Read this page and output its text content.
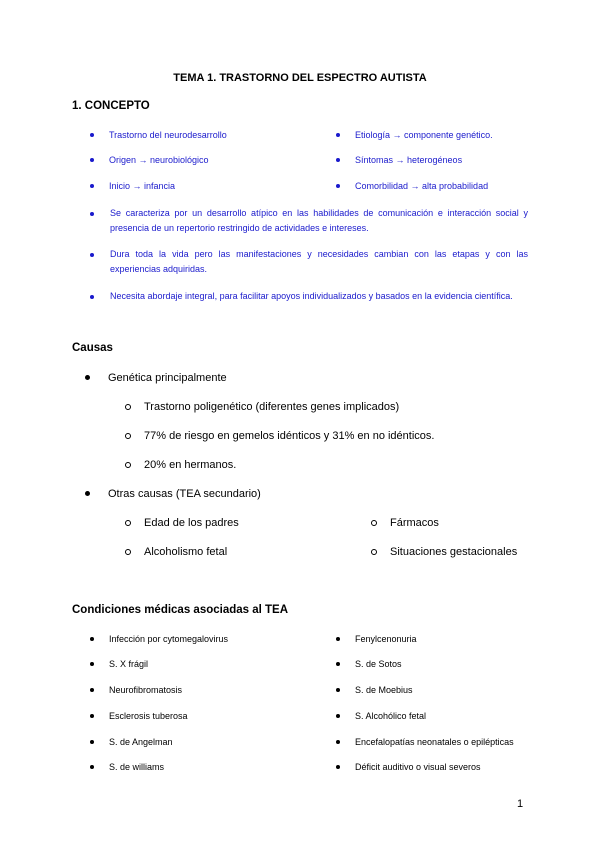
TEMA 1. TRASTORNO DEL ESPECTRO AUTISTA
1. CONCEPTO
Trastorno del neurodesarrollo
Origen → neurobiológico
Inicio → infancia
Etiología → componente genético.
Síntomas → heterogéneos
Comorbilidad → alta probabilidad
Se caracteriza por un desarrollo atípico en las habilidades de comunicación e interacción social y presencia de un repertorio restringido de actividades e intereses.
Dura toda la vida pero las manifestaciones y necesidades cambian con las etapas y con las experiencias adquiridas.
Necesita abordaje integral, para facilitar apoyos individualizados y basados en la evidencia científica.
Causas
Genética principalmente
Trastorno poligenético (diferentes genes implicados)
77% de riesgo en gemelos idénticos y 31% en no idénticos.
20% en hermanos.
Otras causas (TEA secundario)
Edad de los padres
Alcoholismo fetal
Fármacos
Situaciones gestacionales
Condiciones médicas asociadas al TEA
Infección por cytomegalovirus
S. X frágil
Neurofibromatosis
Esclerosis tuberosa
S. de Angelman
S. de williams
Fenylcenonuria
S. de Sotos
S. de Moebius
S. Alcohólico fetal
Encefalopatías neonatales o epilépticas
Déficit auditivo o visual severos
1
